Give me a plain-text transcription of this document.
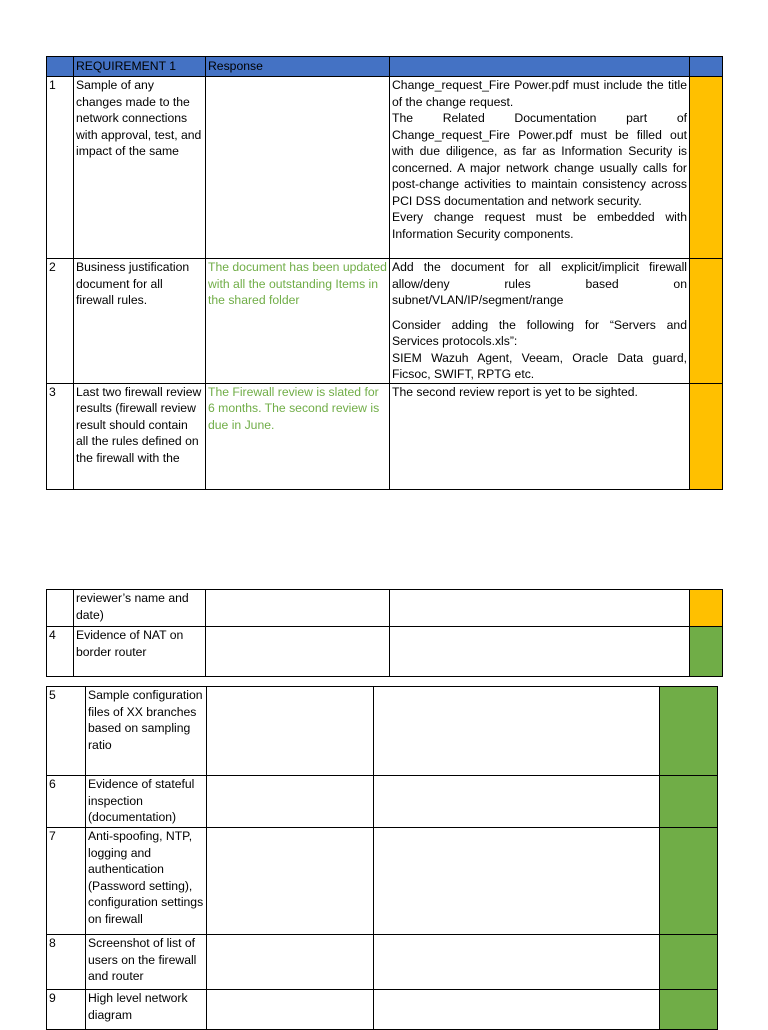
	REQUIREMENT 1	Response		
1	Sample of any changes made to the network connections with approval, test, and impact of the same		Change_request_Fire Power.pdf must include the title of the change request.

The Related Documentation part of Change_request_Fire Power.pdf must be filled out with due diligence, as far as Information Security is concerned. A major network change usually calls for post-change activities to maintain consistency across PCI DSS documentation and network security.

Every change request must be embedded with Information Security components.	

2	Business justification document for all firewall rules.	The document has been updated with all the outstanding Items in the shared folder	Add the document for all explicit/implicit firewall allow/deny rules based on subnet/VLAN/IP/segment/range

Consider adding the following for “Servers and Services protocols.xls”:

SIEM Wazuh Agent, Veeam, Oracle Data guard, Ficsoc, SWIFT, RPTG etc.	

3	Last two firewall review results (firewall review result should contain all the rules defined on the firewall with the	The Firewall review is slated for 6 months. The second review is due in June.	The second review report is yet to be sighted.	

	reviewer’s name and date)			
4	Evidence of NAT on border router			
5	Sample configuration files of XX branches based on sampling ratio			
6	Evidence of stateful inspection (documentation)			
7	Anti-spoofing, NTP, logging and authentication (Password setting), configuration settings on firewall			
8	Screenshot of list of users on the firewall and router			
9	High level network diagram			
